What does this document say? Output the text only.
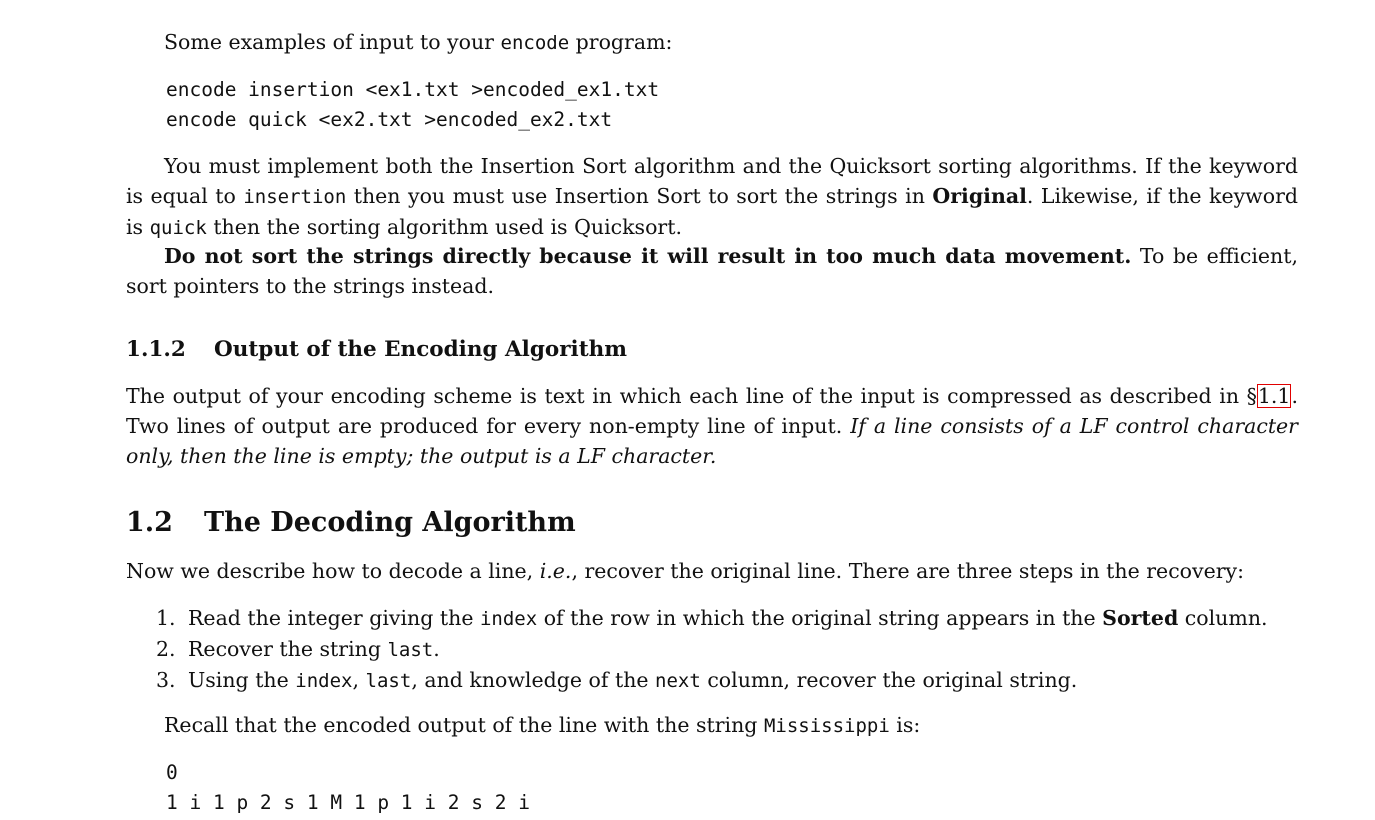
Some examples of input to your encode program:

encode insertion <ex1.txt >encoded_ex1.txt
encode quick <ex2.txt >encoded_ex2.txt

You must implement both the Insertion Sort algorithm and the Quicksort sorting algorithms. If the keyword is equal to insertion then you must use Insertion Sort to sort the strings in Original. Likewise, if the keyword is quick then the sorting algorithm used is Quicksort.

Do not sort the strings directly because it will result in too much data movement. To be efficient, sort pointers to the strings instead.

1.1.2 Output of the Encoding Algorithm

The output of your encoding scheme is text in which each line of the input is compressed as described in §1.1. Two lines of output are produced for every non-empty line of input. If a line consists of a LF control character only, then the line is empty; the output is a LF character.

1.2 The Decoding Algorithm

Now we describe how to decode a line, i.e., recover the original line. There are three steps in the recovery:

1. Read the integer giving the index of the row in which the original string appears in the Sorted column.
2. Recover the string last.
3. Using the index, last, and knowledge of the next column, recover the original string.

Recall that the encoded output of the line with the string Mississippi is:

0
1 i 1 p 2 s 1 M 1 p 1 i 2 s 2 i
